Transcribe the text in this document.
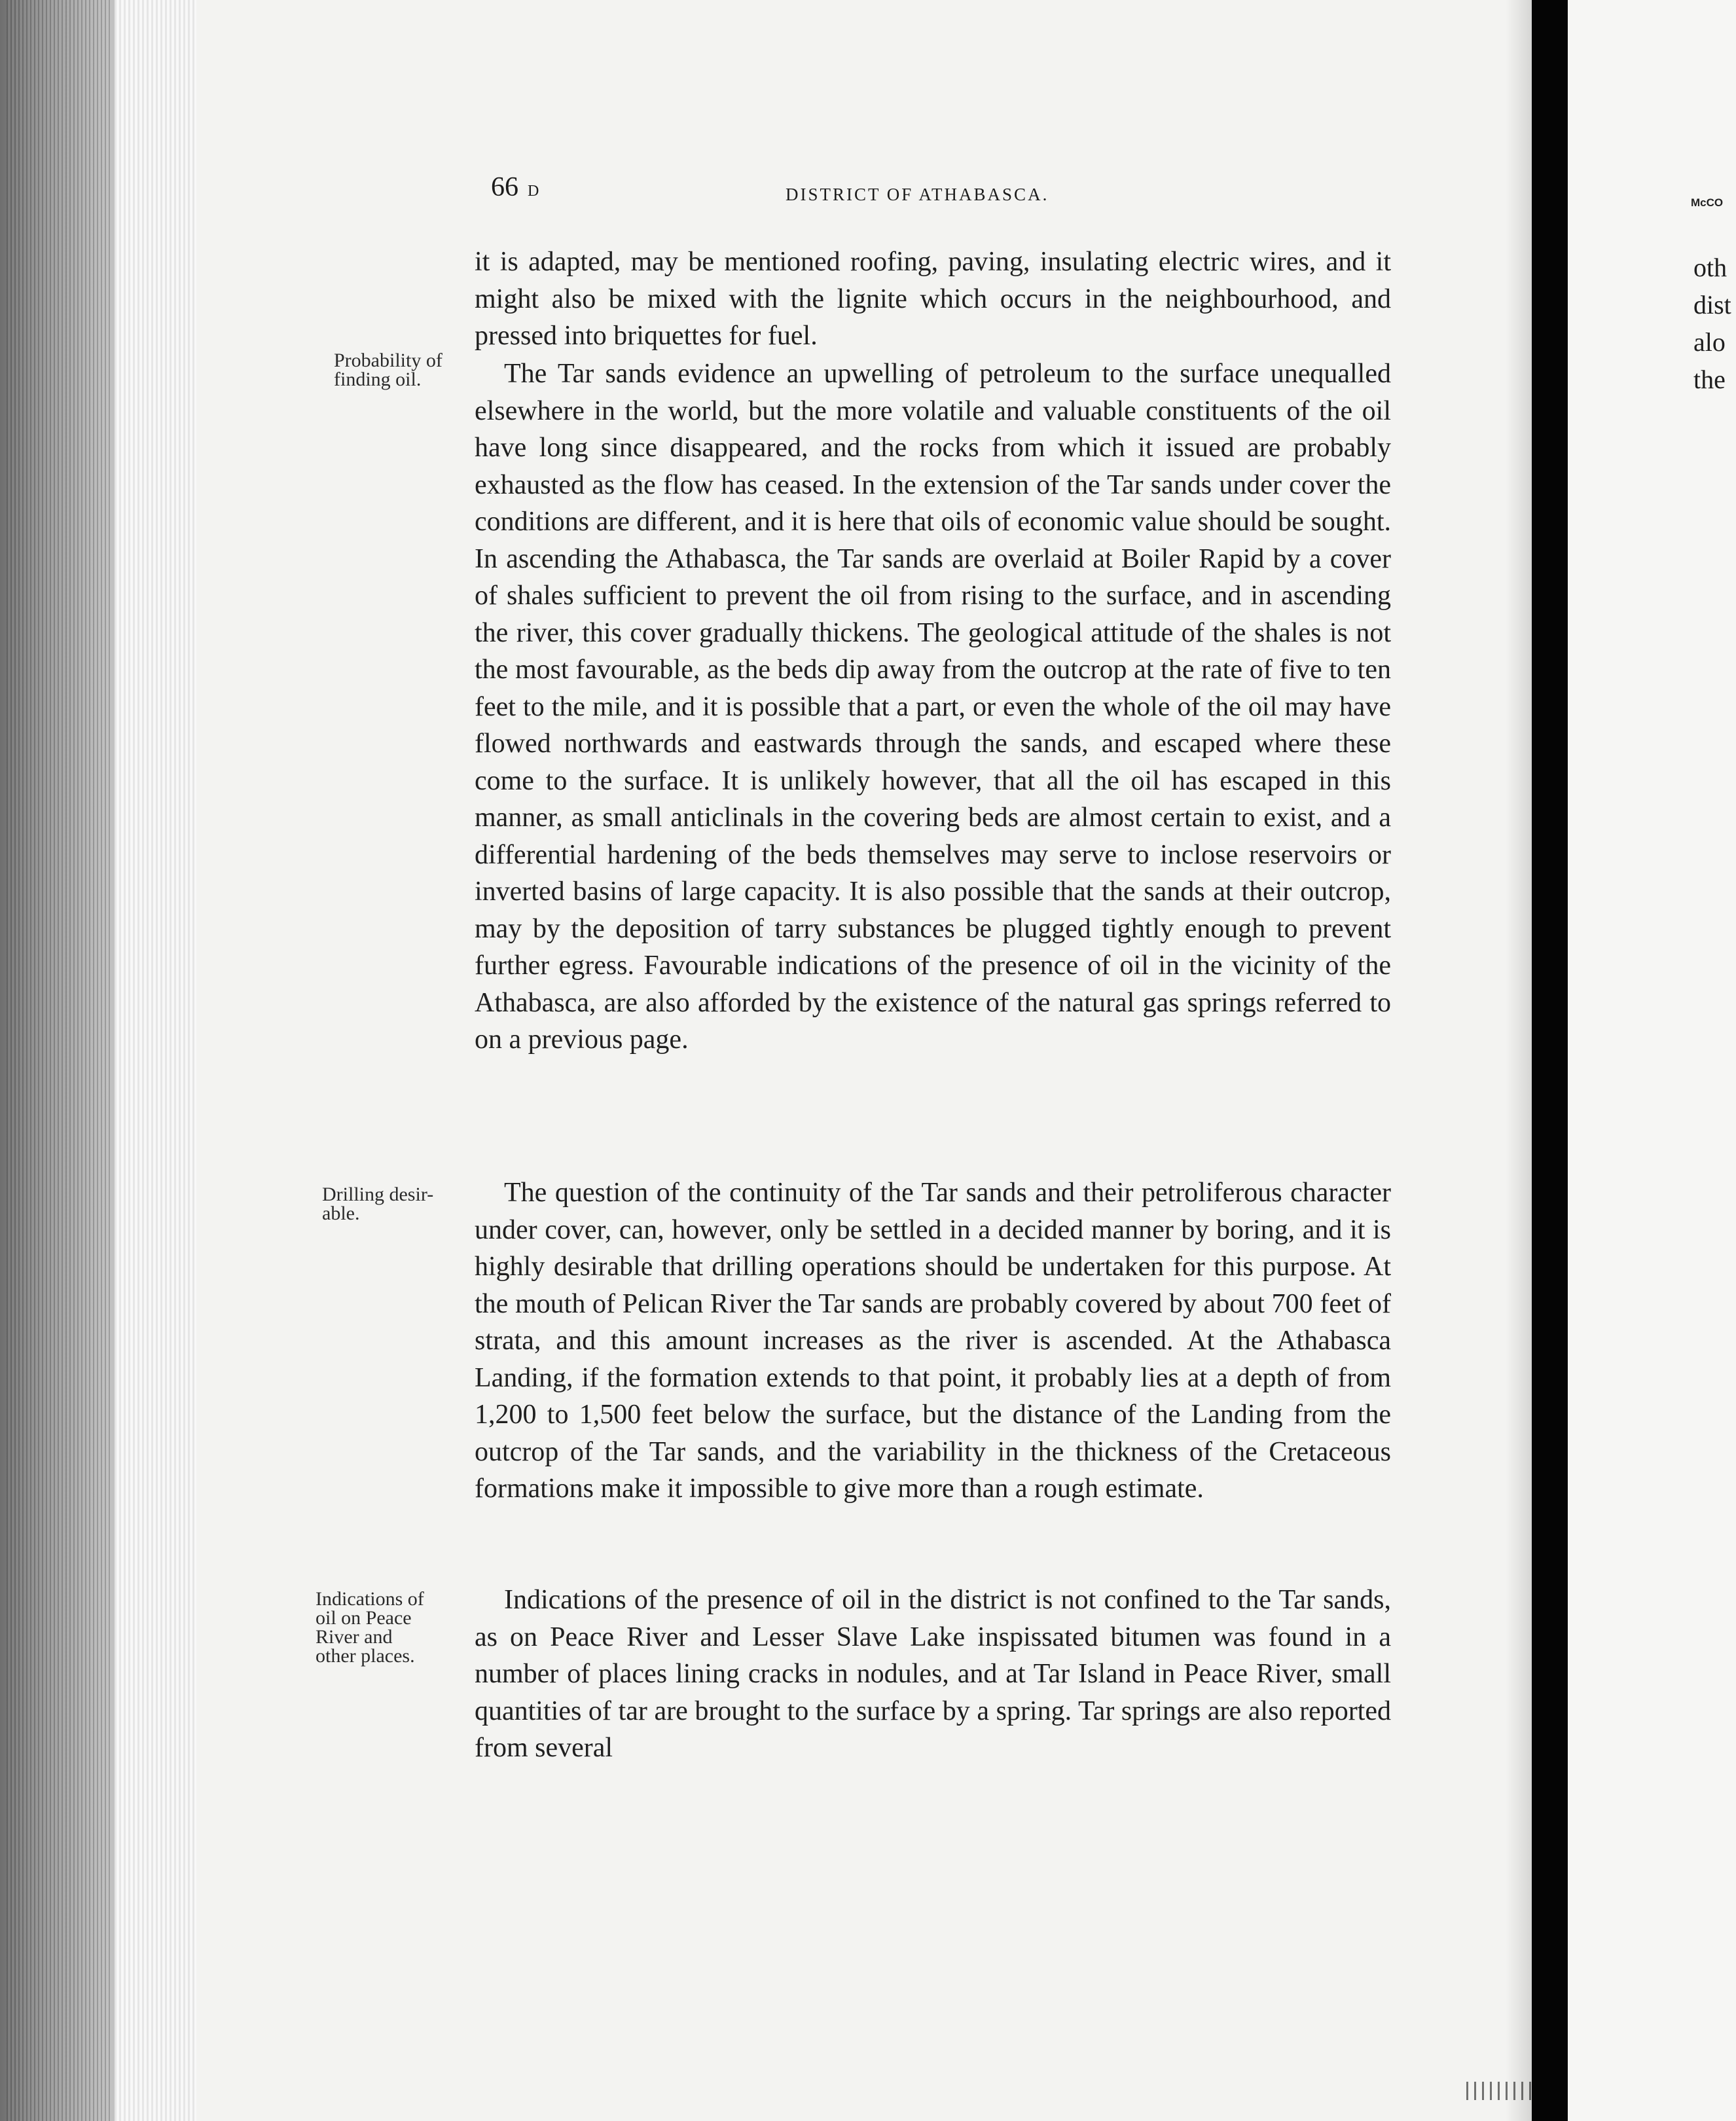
66 D	DISTRICT OF ATHABASCA.
Probability of
finding oil.
Drilling desir-
able.
Indications of
oil on Peace
River and
other places.

it is adapted, may be mentioned roofing, paving, insulating electric wires, and it might also be mixed with the lignite which occurs in the neighbourhood, and pressed into briquettes for fuel.

The Tar sands evidence an upwelling of petroleum to the surface unequalled elsewhere in the world, but the more volatile and valuable constituents of the oil have long since disappeared, and the rocks from which it issued are probably exhausted as the flow has ceased. In the extension of the Tar sands under cover the conditions are different, and it is here that oils of economic value should be sought. In ascending the Athabasca, the Tar sands are overlaid at Boiler Rapid by a cover of shales sufficient to prevent the oil from rising to the surface, and in ascending the river, this cover gradually thickens. The geological attitude of the shales is not the most favourable, as the beds dip away from the outcrop at the rate of five to ten feet to the mile, and it is possible that a part, or even the whole of the oil may have flowed northwards and eastwards through the sands, and escaped where these come to the surface. It is unlikely however, that all the oil has escaped in this manner, as small anticlinals in the covering beds are almost certain to exist, and a differential hardening of the beds themselves may serve to inclose reservoirs or inverted basins of large capacity. It is also possible that the sands at their outcrop, may by the deposition of tarry substances be plugged tightly enough to prevent further egress. Favourable indications of the presence of oil in the vicinity of the Athabasca, are also afforded by the existence of the natural gas springs referred to on a previous page.

The question of the continuity of the Tar sands and their petroliferous character under cover, can, however, only be settled in a decided manner by boring, and it is highly desirable that drilling operations should be undertaken for this purpose. At the mouth of Pelican River the Tar sands are probably covered by about 700 feet of strata, and this amount increases as the river is ascended. At the Athabasca Landing, if the formation extends to that point, it probably lies at a depth of from 1,200 to 1,500 feet below the surface, but the distance of the Landing from the outcrop of the Tar sands, and the variability in the thickness of the Cretaceous formations make it impossible to give more than a rough estimate.

Indications of the presence of oil in the district is not confined to the Tar sands, as on Peace River and Lesser Slave Lake inspissated bitumen was found in a number of places lining cracks in nodules, and at Tar Island in Peace River, small quantities of tar are brought to the surface by a spring. Tar springs are also reported from several

McCO
oth
dist
alo
the
